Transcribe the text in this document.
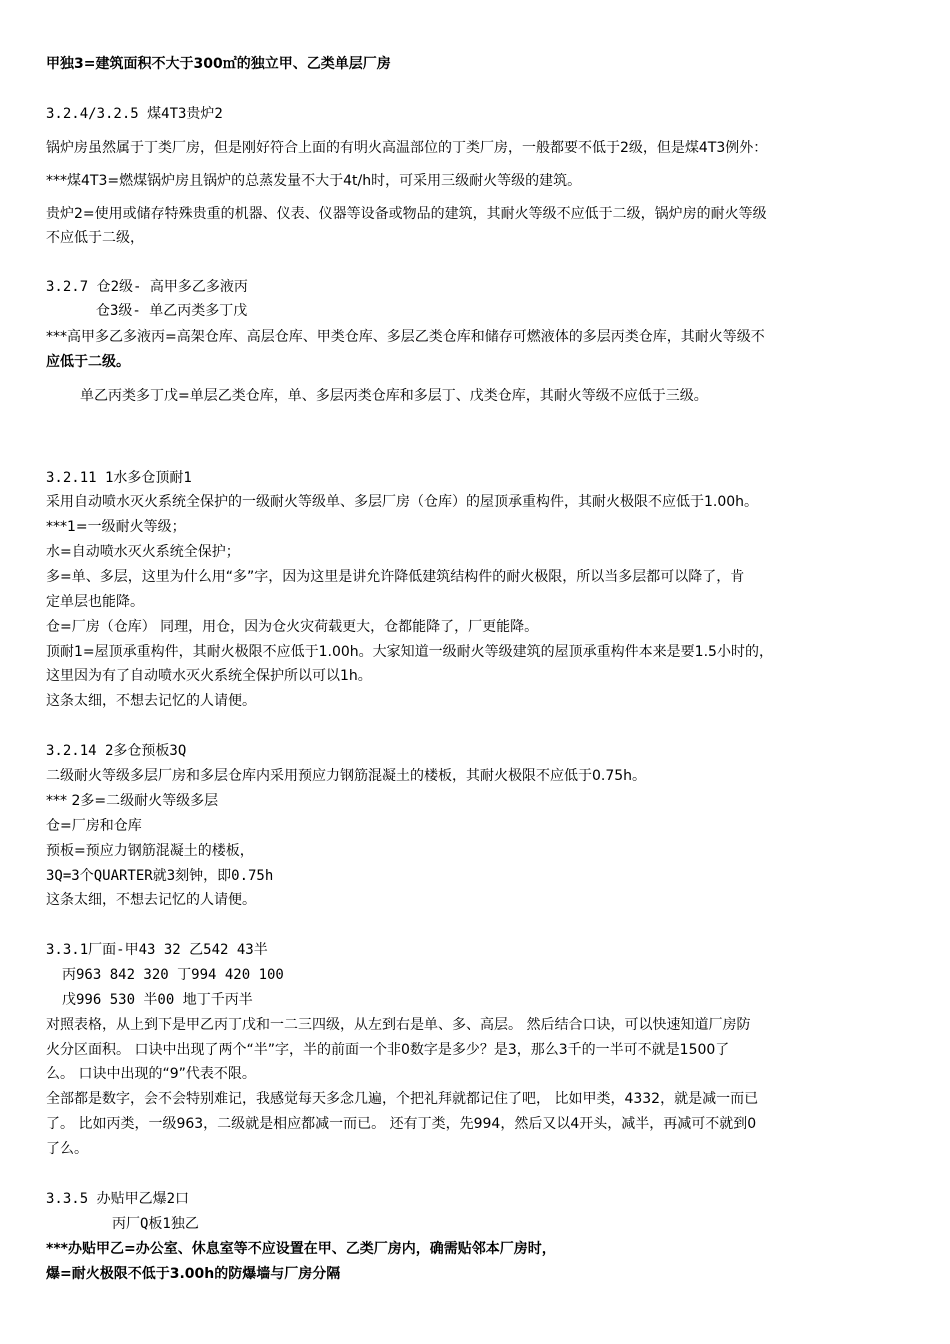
甲独3=建筑面积不大于300㎡的独立甲、乙类单层厂房
3.2.4/3.2.5 煤4T3贵炉2
锅炉房虽然属于丁类厂房，但是刚好符合上面的有明火高温部位的丁类厂房，一般都要不低于2级，但是煤4T3例外：
***煤4T3=燃煤锅炉房且锅炉的总蒸发量不大于4t/h时，可采用三级耐火等级的建筑。
贵炉2=使用或储存特殊贵重的机器、仪表、仪器等设备或物品的建筑，其耐火等级不应低于二级，锅炉房的耐火等级
不应低于二级，
3.2.7 仓2级- 高甲多乙多液丙
仓3级- 单乙丙类多丁戊
***高甲多乙多液丙=高架仓库、高层仓库、甲类仓库、多层乙类仓库和储存可燃液体的多层丙类仓库，其耐火等级不
应低于二级。
单乙丙类多丁戊=单层乙类仓库，单、多层丙类仓库和多层丁、戊类仓库，其耐火等级不应低于三级。
3.2.11 1水多仓顶耐1
采用自动喷水灭火系统全保护的一级耐火等级单、多层厂房（仓库）的屋顶承重构件，其耐火极限不应低于1.00h。
***1=一级耐火等级；
水=自动喷水灭火系统全保护；
多=单、多层，这里为什么用“多”字，因为这里是讲允许降低建筑结构件的耐火极限，所以当多层都可以降了，肯
定单层也能降。
仓=厂房（仓库） 同理，用仓，因为仓火灾荷载更大，仓都能降了，厂更能降。
顶耐1=屋顶承重构件，其耐火极限不应低于1.00h。大家知道一级耐火等级建筑的屋顶承重构件本来是要1.5小时的，
这里因为有了自动喷水灭火系统全保护所以可以1h。
这条太细，不想去记忆的人请便。
3.2.14 2多仓预板3Q
二级耐火等级多层厂房和多层仓库内采用预应力钢筋混凝土的楼板，其耐火极限不应低于0.75h。
*** 2多=二级耐火等级多层
仓=厂房和仓库
预板=预应力钢筋混凝土的楼板，
3Q=3个QUARTER就3刻钟，即0.75h
这条太细，不想去记忆的人请便。
3.3.1厂面-甲43 32 乙542 43半
丙963 842 320 丁994 420 100
戊996 530 半00 地丁千丙半
对照表格，从上到下是甲乙丙丁戊和一二三四级，从左到右是单、多、高层。 然后结合口诀，可以快速知道厂房防
火分区面积。 口诀中出现了两个“半”字，半的前面一个非0数字是多少？是3，那么3千的一半可不就是1500了
么。 口诀中出现的“9”代表不限。
全部都是数字，会不会特别难记，我感觉每天多念几遍，个把礼拜就都记住了吧， 比如甲类，4332，就是减一而已
了。 比如丙类，一级963，二级就是相应都减一而已。 还有丁类，先994，然后又以4开头，减半，再减可不就到0
了么。
3.3.5 办贴甲乙爆2口
丙厂Q板1独乙
***办贴甲乙=办公室、休息室等不应设置在甲、乙类厂房内，确需贴邻本厂房时，
爆=耐火极限不低于3.00h的防爆墙与厂房分隔
